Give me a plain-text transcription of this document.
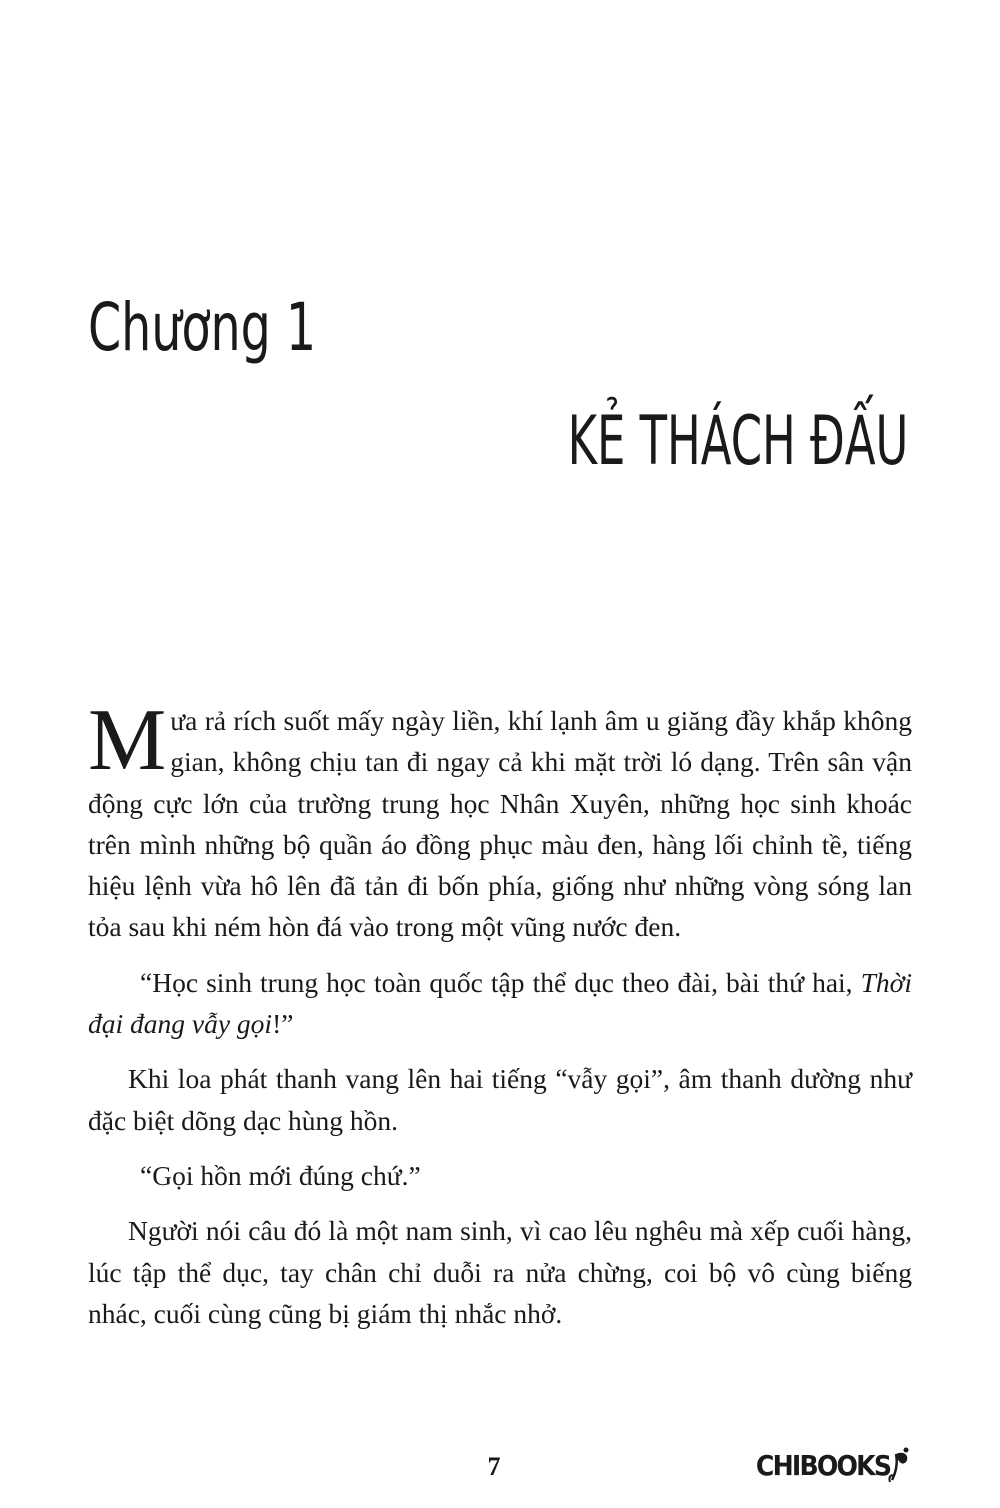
Chương 1
KẺ THÁCH ĐẤU

Mưa rả rích suốt mấy ngày liền, khí lạnh âm u giăng đầy khắp không gian, không chịu tan đi ngay cả khi mặt trời ló dạng. Trên sân vận động cực lớn của trường trung học Nhân Xuyên, những học sinh khoác trên mình những bộ quần áo đồng phục màu đen, hàng lối chỉnh tề, tiếng hiệu lệnh vừa hô lên đã tản đi bốn phía, giống như những vòng sóng lan tỏa sau khi ném hòn đá vào trong một vũng nước đen.

“Học sinh trung học toàn quốc tập thể dục theo đài, bài thứ hai, Thời đại đang vẫy gọi!”

Khi loa phát thanh vang lên hai tiếng “vẫy gọi”, âm thanh dường như đặc biệt dõng dạc hùng hồn.

“Gọi hồn mới đúng chứ.”

Người nói câu đó là một nam sinh, vì cao lêu nghêu mà xếp cuối hàng, lúc tập thể dục, tay chân chỉ duỗi ra nửa chừng, coi bộ vô cùng biếng nhác, cuối cùng cũng bị giám thị nhắc nhở.

7	CHIBOOKS
